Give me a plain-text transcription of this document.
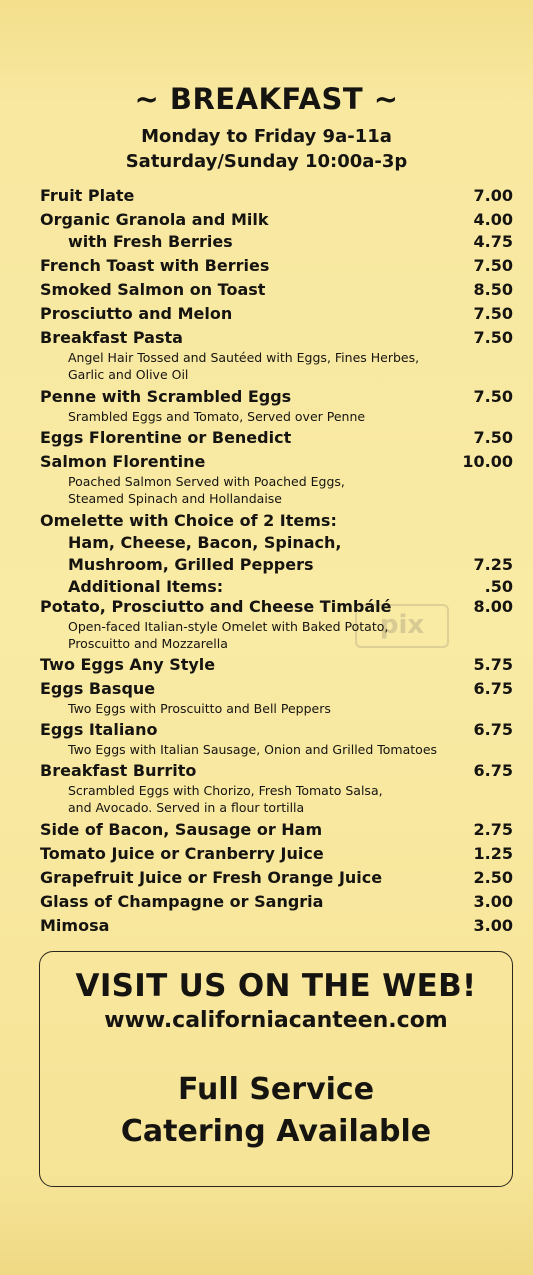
~ BREAKFAST ~
Monday to Friday 9a-11a
Saturday/Sunday 10:00a-3p
pix
Fruit Plate	7.00
Organic Granola and Milk	4.00
with Fresh Berries	4.75
French Toast with Berries	7.50
Smoked Salmon on Toast	8.50
Prosciutto and Melon	7.50
Breakfast Pasta	7.50
Angel Hair Tossed and Sautéed with Eggs, Fines Herbes,
Garlic and Olive Oil
Penne with Scrambled Eggs	7.50
Srambled Eggs and Tomato, Served over Penne
Eggs Florentine or Benedict	7.50
Salmon Florentine	10.00
Poached Salmon Served with Poached Eggs,
Steamed Spinach and Hollandaise
Omelette with Choice of 2 Items:
Ham, Cheese, Bacon, Spinach,
Mushroom, Grilled Peppers	7.25
Additional Items:	.50
Potato, Prosciutto and Cheese Timbálé	8.00
Open-faced Italian-style Omelet with Baked Potato,
Proscuitto and Mozzarella
Two Eggs Any Style	5.75
Eggs Basque	6.75
Two Eggs with Proscuitto and Bell Peppers
Eggs Italiano	6.75
Two Eggs with Italian Sausage, Onion and Grilled Tomatoes
Breakfast Burrito	6.75
Scrambled Eggs with Chorizo, Fresh Tomato Salsa,
and Avocado. Served in a flour tortilla
Side of Bacon, Sausage or Ham	2.75
Tomato Juice or Cranberry Juice	1.25
Grapefruit Juice or Fresh Orange Juice	2.50
Glass of Champagne or Sangria	3.00
Mimosa	3.00
VISIT US ON THE WEB!
www.californiacanteen.com
Full Service
Catering Available
